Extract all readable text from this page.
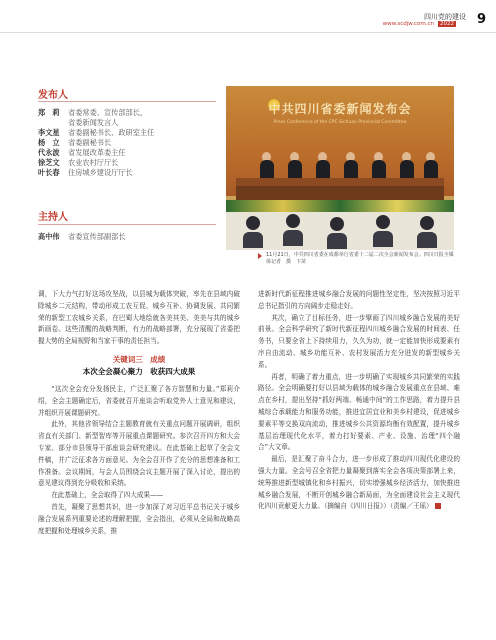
四川党的建设
2022
www.scdjw.com.cn	9
发布人
郑　莉	省委常委、宣传部部长，
省委新闻发言人
李文星	省委副秘书长、政研室主任
杨　立	省委副秘书长
代永波	省发展改革委主任
徐芝文	农业农村厅厅长
叶长春	住房城乡建设厅厅长
主持人
高中伟	省委宣传部副部长
中共四川省委新闻发布会
Press Conference of the CPC Sichuan Provincial Committee
11月21日，中共四川省委在成都举行省委十二届二次全会新闻发布会。四川日报全媒体记者　摄　卞苗

调，下大力气打好这场攻坚战，以县城为载体突破，率先在县域内破除城乡二元结构，带动形成工农互促、城乡互补、协调发展、共同繁荣的新型工农城乡关系，在巴蜀大地绘就各美其美、美美与共的城乡新画卷。这些清醒的战略判断，有力的战略部署，充分展现了省委把握大势的全局视野和当家干事的责任担当。

关键词三　成绩
本次全会凝心聚力　收获四大成果

“这次全会充分发扬民主，广泛汇聚了各方智慧和力量。”郑莉介绍，全会主题确定后，省委就召开座谈会听取党外人士意见和建议，并组织开展课题研究。

此外，其他省领导结合主题教育就有关重点问题开展调研，组织省直有关部门、新型智库等开展重点课题研究。参次召开四方和大会专家、部分市县领导干部座谈会研究建议。在此基础上起草了全会文件稿，并广泛征求各方面意见。为全会召开作了充分的思想准备和工作准备。会议期间，与会人员围绕会议主题开展了深入讨论，提出的意见建议得到充分吸收和采纳。

在此基础上，全会取得了四大成果——

首先，凝聚了思想共识，进一步加深了对习近平总书记关于城乡融合发展系列重要论述的理解把握，全会指出，必须从全局和战略高度把握和处理城乡关系，推

进新时代新征程推进城乡融合发展的问题性坚定性，坚决按照习近平总书记指引的方向阔步走稳走好。

其次，确立了目标任务，进一步擘画了四川城乡融合发展的美好前景。全会科学研究了新时代新征程四川城乡融合发展的时间表、任务书，只要全省上下持续用力，久久为功，就一定能加快形成要素有序自由流动、城乡功能互补、农村发展活力充分迸发的新型城乡关系。

再者，明确了着力重点，进一步明确了实现城乡共同繁荣的实践路径。全会明确要打好以县域为载体的城乡融合发展重点在县域、难点在乡村，提出坚持“抓好两端、畅通中间”的工作思路，着力提升县城综合承载能力和服务功能，推进宜居宜业和美乡村建设，促进城乡要素平等交换双向流动，推进城乡公共资源均衡有效配置，提升城乡基层治理现代化水平，着力打好要素、产业、设施、治理“四个融合”大文章。

最后，是汇聚了奋斗合力，进一步形成了推动四川现代化建设的强大力量。全会号召全省把力量凝聚到落实全会各项决策部署上来，统筹推进新型城镇化和乡村振兴，切实增强城乡经济活力，加快推进城乡融合发展，不断开创城乡融合新局面，为全面建设社会主义现代化四川贡献更大力量。（摘编自《四川日报》）（责编／王瑶）
